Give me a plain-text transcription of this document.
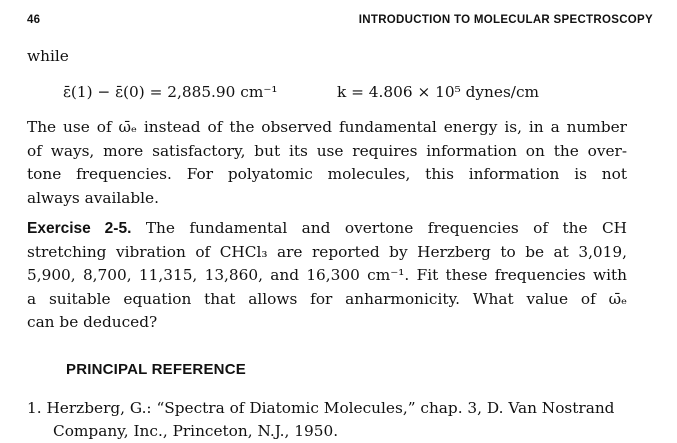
46	INTRODUCTION TO MOLECULAR SPECTROSCOPY
while
ε̄(1) − ε̄(0) = 2,885.90 cm⁻¹	k = 4.806 × 10⁵ dynes/cm
The use of ω̄ₑ instead of the observed fundamental energy is, in a number
of ways, more satisfactory, but its use requires information on the over-
tone frequencies. For polyatomic molecules, this information is not
always available.
Exercise 2-5. The fundamental and overtone frequencies of the CH
stretching vibration of CHCl₃ are reported by Herzberg to be at 3,019,
5,900, 8,700, 11,315, 13,860, and 16,300 cm⁻¹. Fit these frequencies with
a suitable equation that allows for anharmonicity. What value of ω̄ₑ
can be deduced?
PRINCIPAL REFERENCE
1. Herzberg, G.: “Spectra of Diatomic Molecules,” chap. 3, D. Van Nostrand
Company, Inc., Princeton, N.J., 1950.
